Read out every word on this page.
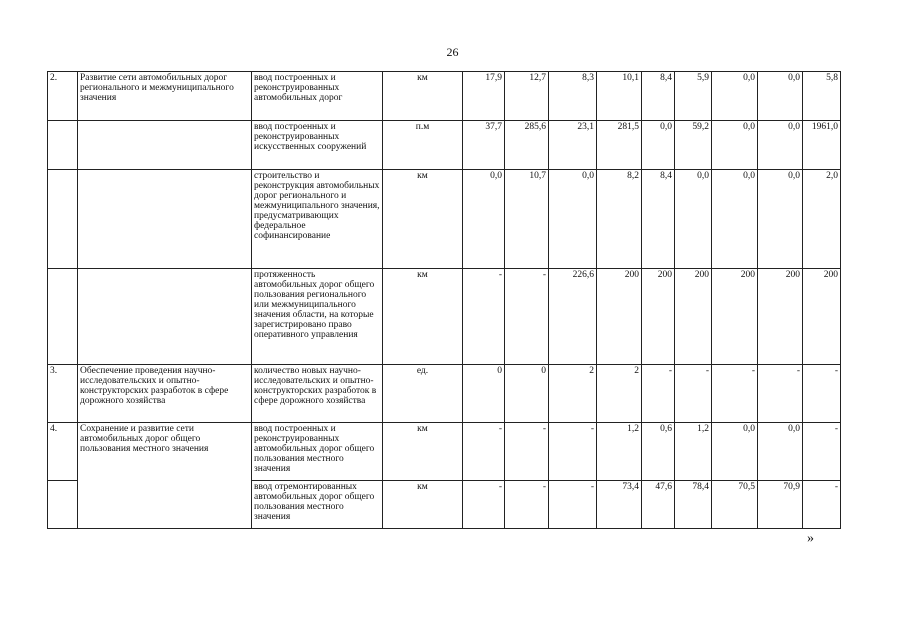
26
2.	Развитие сети автомобильных дорог регионального и межмуниципального значения	ввод построенных и реконструированных автомобильных дорог	км	17,9	12,7	8,3	10,1	8,4	5,9	0,0	0,0	5,8
		ввод построенных и реконструированных искусственных сооружений	п.м	37,7	285,6	23,1	281,5	0,0	59,2	0,0	0,0	1961,0
		строительство и реконструкция автомобильных дорог регионального и межмуниципального значения, предусматривающих федеральное софинансирование	км	0,0	10,7	0,0	8,2	8,4	0,0	0,0	0,0	2,0
		протяженность автомобильных дорог общего пользования регионального или межмуниципального значения области, на которые зарегистрировано право оперативного управления	км	-	-	226,6	200	200	200	200	200	200
3.	Обеспечение проведения научно-исследовательских и опытно-конструкторских разработок в сфере дорожного хозяйства	количество новых научно-исследовательских и опытно-конструкторских разработок в сфере дорожного хозяйства	ед.	0	0	2	2	-	-	-	-	-
4.	Сохранение и развитие сети автомобильных дорог общего пользования местного значения	ввод построенных и реконструированных автомобильных дорог общего пользования местного значения	км	-	-	-	1,2	0,6	1,2	0,0	0,0	-
		ввод отремонтированных автомобильных дорог общего пользования местного значения	км	-	-	-	73,4	47,6	78,4	70,5	70,9	-
»
